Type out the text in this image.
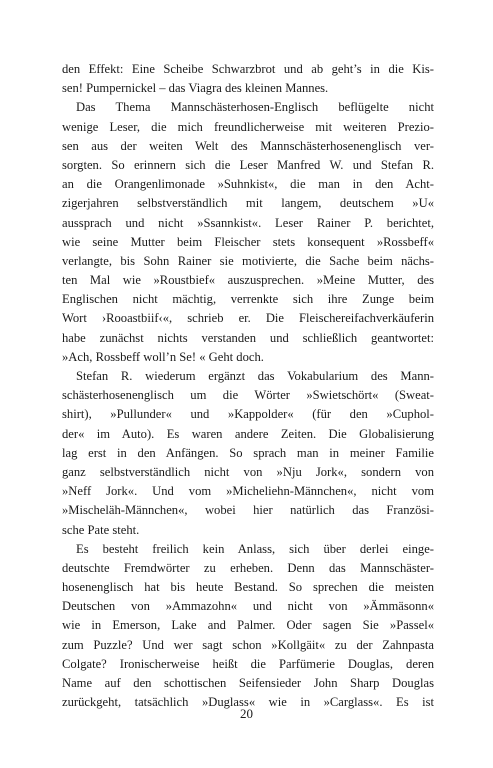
den Effekt: Eine Scheibe Schwarzbrot und ab geht’s in die Kis-
sen! Pumpernickel – das Viagra des kleinen Mannes.
Das Thema Mannschästerhosen-Englisch beflügelte nicht
wenige Leser, die mich freundlicherweise mit weiteren Prezio-
sen aus der weiten Welt des Mannschästerhosenenglisch ver-
sorgten. So erinnern sich die Leser Manfred W. und Stefan R.
an die Orangenlimonade »Suhnkist«, die man in den Acht-
zigerjahren selbstverständlich mit langem, deutschem »U«
aussprach und nicht »Ssannkist«. Leser Rainer P. berichtet,
wie seine Mutter beim Fleischer stets konsequent »Rossbeff«
verlangte, bis Sohn Rainer sie motivierte, die Sache beim nächs-
ten Mal wie »Roustbief« auszusprechen. »Meine Mutter, des
Englischen nicht mächtig, verrenkte sich ihre Zunge beim
Wort ›Rooastbiif‹«, schrieb er. Die Fleischereifachverkäuferin
habe zunächst nichts verstanden und schließlich geantwortet:
»Ach, Rossbeff woll’n Se! « Geht doch.
Stefan R. wiederum ergänzt das Vokabularium des Mann-
schästerhosenenglisch um die Wörter »Swietschört« (Sweat-
shirt), »Pullunder« und »Kappolder« (für den »Cuphol-
der« im Auto). Es waren andere Zeiten. Die Globalisierung
lag erst in den Anfängen. So sprach man in meiner Familie
ganz selbstverständlich nicht von »Nju Jork«, sondern von
»Neff Jork«. Und vom »Micheliehn-Männchen«, nicht vom
»Mischeläh-Männchen«, wobei hier natürlich das Französi-
sche Pate steht.
Es besteht freilich kein Anlass, sich über derlei einge-
deutschte Fremdwörter zu erheben. Denn das Mannschäster-
hosenenglisch hat bis heute Bestand. So sprechen die meisten
Deutschen von »Ammazohn« und nicht von »Ämmäsonn«
wie in Emerson, Lake and Palmer. Oder sagen Sie »Passel«
zum Puzzle? Und wer sagt schon »Kollgäit« zu der Zahnpasta
Colgate? Ironischerweise heißt die Parfümerie Douglas, deren
Name auf den schottischen Seifensieder John Sharp Douglas
zurückgeht, tatsächlich »Duglass« wie in »Carglass«. Es ist
20
